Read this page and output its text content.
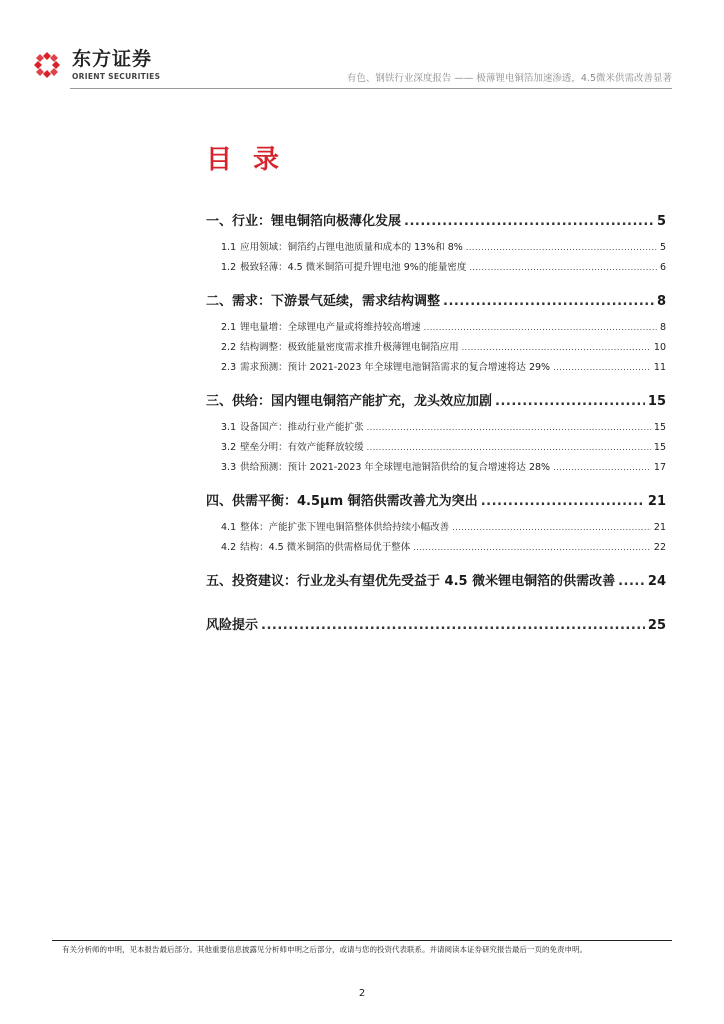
东方证券
ORIENT SECURITIES	有色、钢铁行业深度报告 —— 极薄锂电铜箔加速渗透，4.5微米供需改善显著
目 录
一、 行业：锂电铜箔向极薄化发展 .....	5
1.1 应用领域：铜箔约占锂电池质量和成本的 13%和 8% .....	5
1.2 极致轻薄：4.5 微米铜箔可提升锂电池 9%的能量密度 .....	6
二、 需求：下游景气延续，需求结构调整 .....	8
2.1 锂电量增：全球锂电产量或将维持较高增速 .....	8
2.2 结构调整：极致能量密度需求推升极薄锂电铜箔应用 .....	10
2.3 需求预测：预计 2021-2023 年全球锂电池铜箔需求的复合增速将达 29% .....	11
三、 供给：国内锂电铜箔产能扩充，龙头效应加剧 .....	15
3.1 设备国产：推动行业产能扩张 .....	15
3.2 壁垒分明：有效产能释放较缓 .....	15
3.3 供给预测：预计 2021-2023 年全球锂电池铜箔供给的复合增速将达 28% .....	17
四、 供需平衡：4.5μm 铜箔供需改善尤为突出 .....	21
4.1 整体：产能扩张下锂电铜箔整体供给持续小幅改善 .....	21
4.2 结构：4.5 微米铜箔的供需格局优于整体 .....	22
五、 投资建议：行业龙头有望优先受益于 4.5 微米锂电铜箔的供需改善 .....	24
风险提示 .....	25
有关分析师的申明，见本报告最后部分。其他重要信息披露见分析师申明之后部分，或请与您的投资代表联系。并请阅读本证券研究报告最后一页的免责申明。
2
